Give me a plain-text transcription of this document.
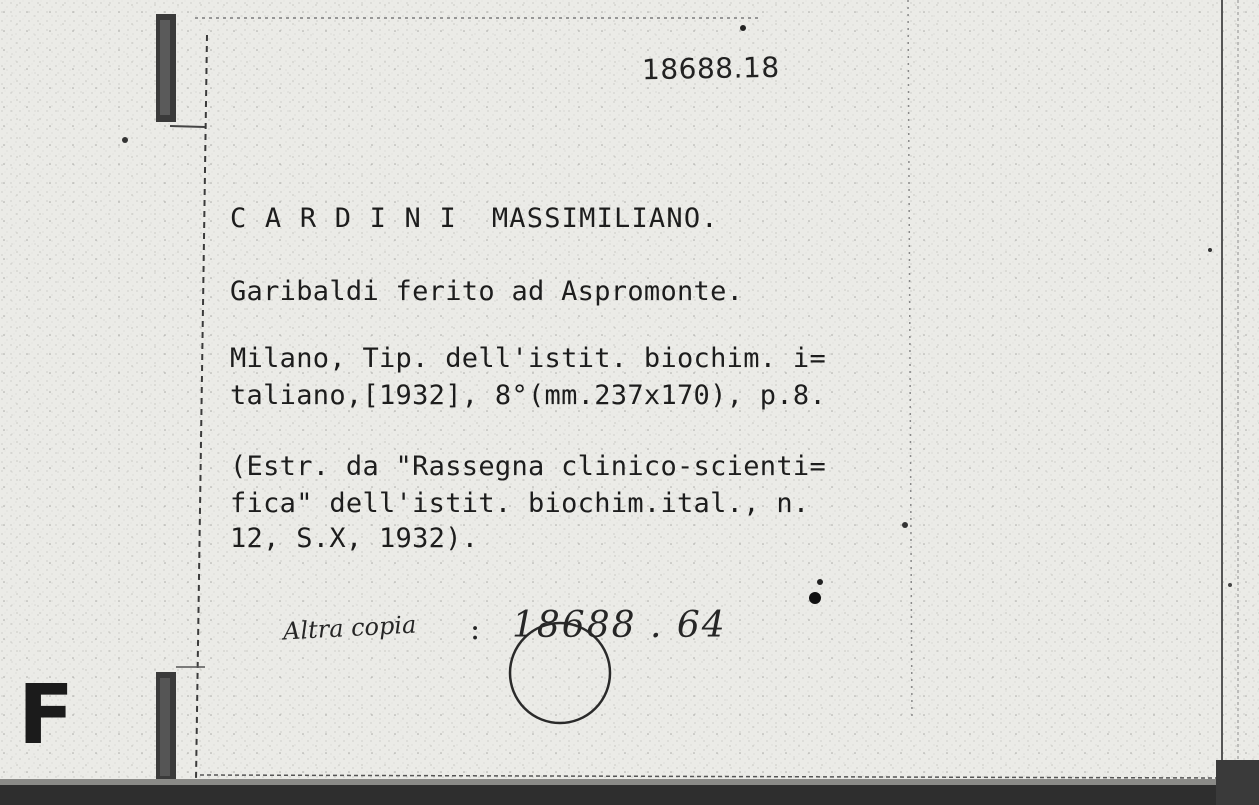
18688.18
C A R D I N I  MASSIMILIANO.
Garibaldi ferito ad Aspromonte.
Milano, Tip. dell'istit. biochim. i=
taliano,[1932], 8°(mm.237x170), p.8.
(Estr. da "Rassegna clinico-scienti=
fica" dell'istit. biochim.ital., n.
12, S.X, 1932).
Altra copia : 18688 . 64
F
